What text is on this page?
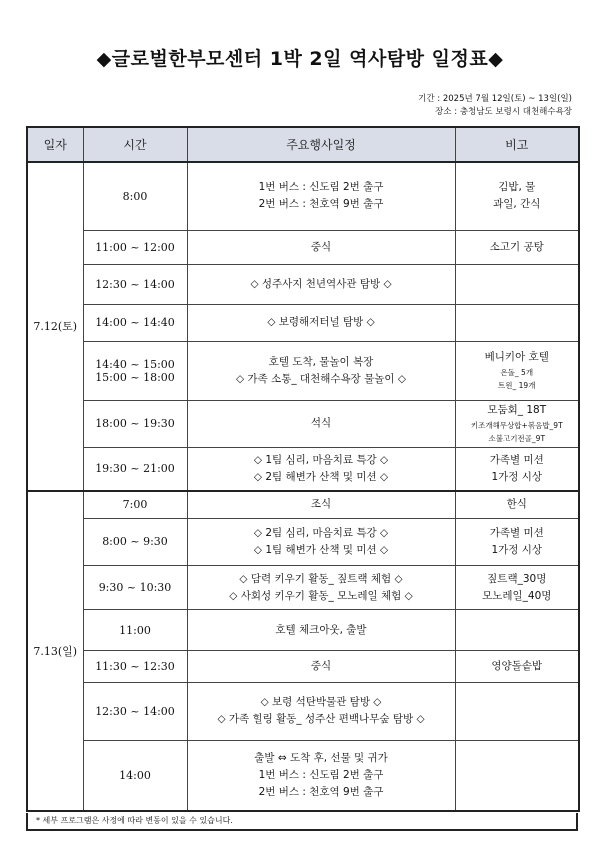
◆글로벌한부모센터 1박 2일 역사탐방 일정표◆
기간 : 2025년 7월 12일(토) ~ 13일(일)
장소 : 충청남도 보령시 대천해수욕장
일자	시간	주요행사일정	비고
7.12(토)	8:00	1번 버스 : 신도림 2번 출구
2번 버스 : 천호역 9번 출구	김밥, 물
과일, 간식

	11:00 ~ 12:00	중식	소고기 공탕

	12:30 ~ 14:00	◇ 성주사지 천년역사관 탐방 ◇	

	14:00 ~ 14:40	◇ 보령해저터널 탐방 ◇	

	14:40 ~ 15:00
15:00 ~ 18:00	호텔 도착, 물놀이 복장
◇ 가족 소통_ 대천해수욕장 물놀이 ◇	베니키아 호텔
온돌_ 5개
트윈_ 19개

	18:00 ~ 19:30	석식	모둠회_ 18T
키조개해무상합+볶음밥_9T
소불고기전골_9T

	19:30 ~ 21:00	◇ 1팀 심리, 마음치료 특강 ◇
◇ 2팀 해변가 산책 및 미션 ◇	가족별 미션
1가정 시상

7.13(일)	7:00	조식	한식

	8:00 ~ 9:30	◇ 2팀 심리, 마음치료 특강 ◇
◇ 1팀 해변가 산책 및 미션 ◇	가족별 미션
1가정 시상

	9:30 ~ 10:30	◇ 담력 키우기 활동_ 짚트랙 체험 ◇
◇ 사회성 키우기 활동_ 모노레일 체험 ◇	짚트랙_30명
모노레일_40명

	11:00	호텔 체크아웃, 출발	

	11:30 ~ 12:30	중식	영양돌솥밥

	12:30 ~ 14:00	◇ 보령 석탄박물관 탐방 ◇
◇ 가족 힐링 활동_ 성주산 편백나무숲 탐방 ◇	

	14:00	출발 ⇔ 도착 후, 선물 및 귀가
1번 버스 : 신도림 2번 출구
2번 버스 : 천호역 9번 출구	

* 세부 프로그램은 사정에 따라 변동이 있을 수 있습니다.
